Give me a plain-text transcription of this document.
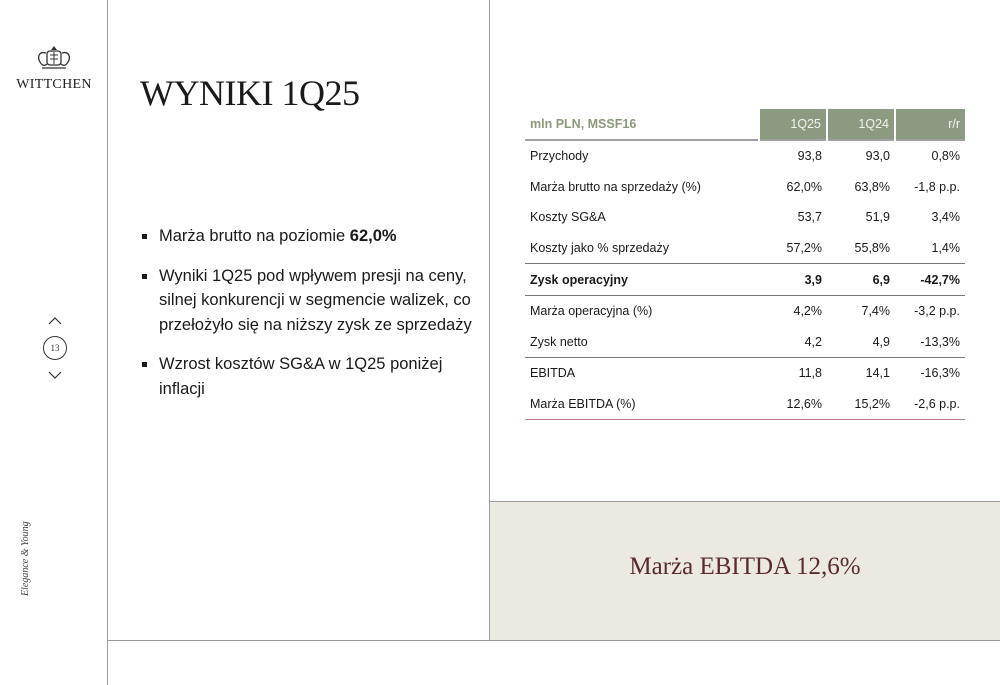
WITTCHEN
13
Elegance & Young
WYNIKI 1Q25
Marża brutto na poziomie 62,0%
Wyniki 1Q25 pod wpływem presji na ceny, silnej konkurencji w segmencie walizek, co przełożyło się na niższy zysk ze sprzedaży
Wzrost kosztów SG&A w 1Q25 poniżej inflacji
mln PLN, MSSF16	1Q25	1Q24	r/r
Przychody	93,8	93,0	0,8%
Marża brutto na sprzedaży (%)	62,0%	63,8%	-1,8 p.p.
Koszty SG&A	53,7	51,9	3,4%
Koszty jako % sprzedaży	57,2%	55,8%	1,4%
Zysk operacyjny	3,9	6,9	-42,7%
Marża operacyjna (%)	4,2%	7,4%	-3,2 p.p.
Zysk netto	4,2	4,9	-13,3%
EBITDA	11,8	14,1	-16,3%
Marża EBITDA (%)	12,6%	15,2%	-2,6 p.p.
Marża EBITDA 12,6%
